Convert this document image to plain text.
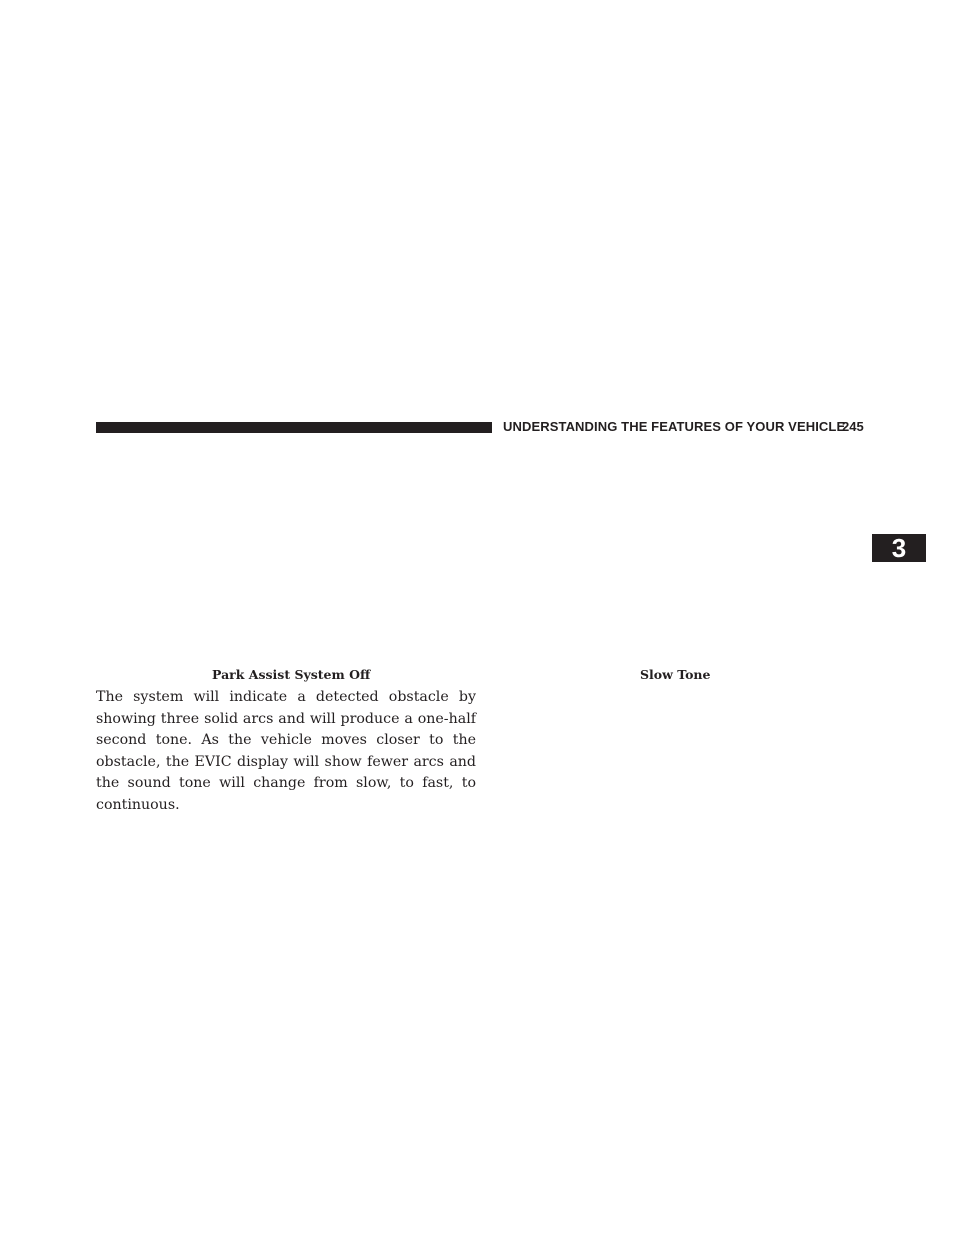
UNDERSTANDING THE FEATURES OF YOUR VEHICLE
245
3
Park Assist System Off	Slow Tone

The system will indicate a detected obstacle by showing three solid arcs and will produce a one-half second tone. As the vehicle moves closer to the obstacle, the EVIC display will show fewer arcs and the sound tone will change from slow, to fast, to continuous.
